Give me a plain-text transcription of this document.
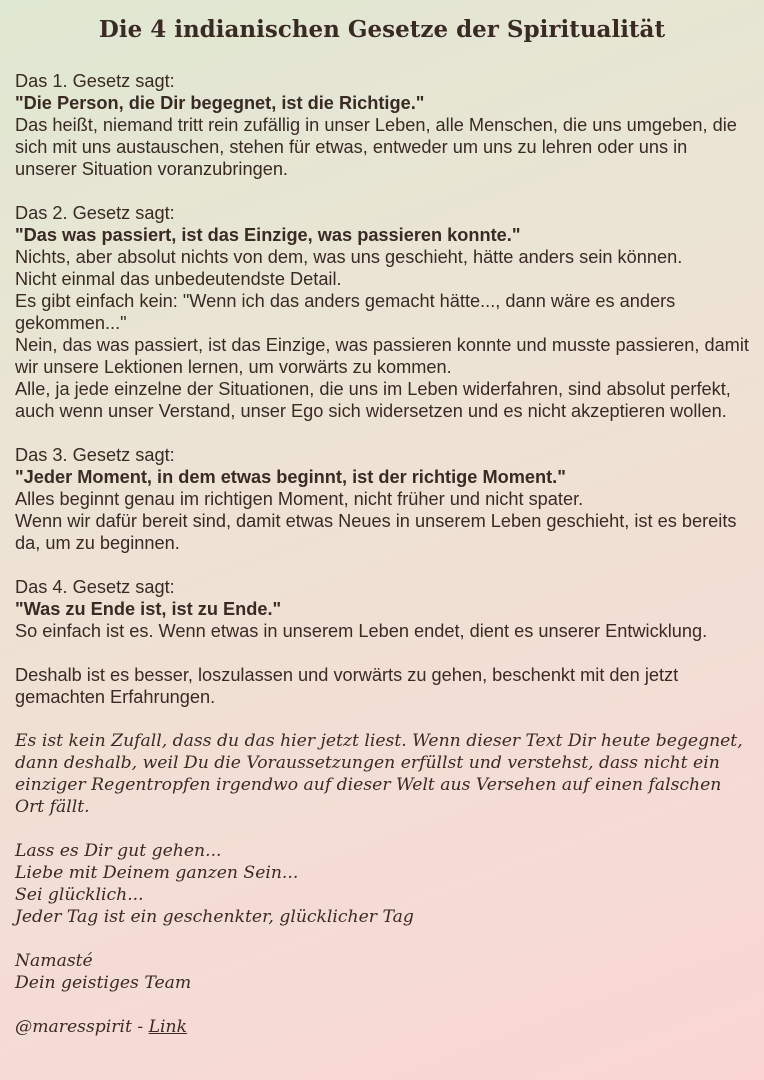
Die 4 indianischen Gesetze der Spiritualität

Das 1. Gesetz sagt:

"Die Person, die Dir begegnet, ist die Richtige."

Das heißt, niemand tritt rein zufällig in unser Leben, alle Menschen, die uns umgeben, die sich mit uns austauschen, stehen für etwas, entweder um uns zu lehren oder uns in unserer Situation voranzubringen.

Das 2. Gesetz sagt:

"Das was passiert, ist das Einzige, was passieren konnte."

Nichts, aber absolut nichts von dem, was uns geschieht, hätte anders sein können.

Nicht einmal das unbedeutendste Detail.

Es gibt einfach kein: "Wenn ich das anders gemacht hätte..., dann wäre es anders gekommen..."

Nein, das was passiert, ist das Einzige, was passieren konnte und musste passieren, damit wir unsere Lektionen lernen, um vorwärts zu kommen.

Alle, ja jede einzelne der Situationen, die uns im Leben widerfahren, sind absolut perfekt, auch wenn unser Verstand, unser Ego sich widersetzen und es nicht akzeptieren wollen.

Das 3. Gesetz sagt:

"Jeder Moment, in dem etwas beginnt, ist der richtige Moment."

Alles beginnt genau im richtigen Moment, nicht früher und nicht spater.

Wenn wir dafür bereit sind, damit etwas Neues in unserem Leben geschieht, ist es bereits da, um zu beginnen.

Das 4. Gesetz sagt:

"Was zu Ende ist, ist zu Ende."

So einfach ist es. Wenn etwas in unserem Leben endet, dient es unserer Entwicklung.

Deshalb ist es besser, loszulassen und vorwärts zu gehen, beschenkt mit den jetzt gemachten Erfahrungen.

Es ist kein Zufall, dass du das hier jetzt liest. Wenn dieser Text Dir heute begegnet, dann deshalb, weil Du die Voraussetzungen erfüllst und verstehst, dass nicht ein einziger Regentropfen irgendwo auf dieser Welt aus Versehen auf einen falschen Ort fällt.

Lass es Dir gut gehen...

Liebe mit Deinem ganzen Sein...

Sei glücklich...

Jeder Tag ist ein geschenkter, glücklicher Tag

Namasté

Dein geistiges Team

@maresspirit - Link
